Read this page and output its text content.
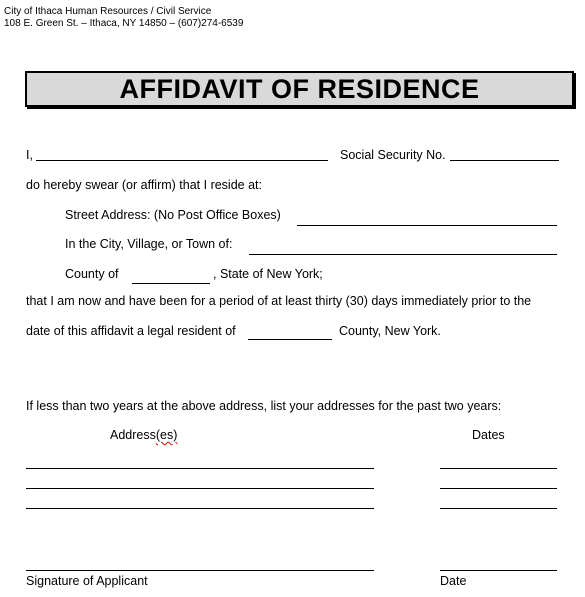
City of Ithaca Human Resources / Civil Service
108 E. Green St. – Ithaca, NY 14850 – (607)274-6539
AFFIDAVIT OF RESIDENCE
I,	Social Security No.
do hereby swear (or affirm) that I reside at:
Street Address: (No Post Office Boxes)
In the City, Village, or Town of:
County of	, State of New York;
that I am now and have been for a period of at least thirty (30) days immediately prior to the
date of this affidavit a legal resident of	County, New York.
If less than two years at the above address, list your addresses for the past two years:
Address(es)	Dates
Signature of Applicant	Date
